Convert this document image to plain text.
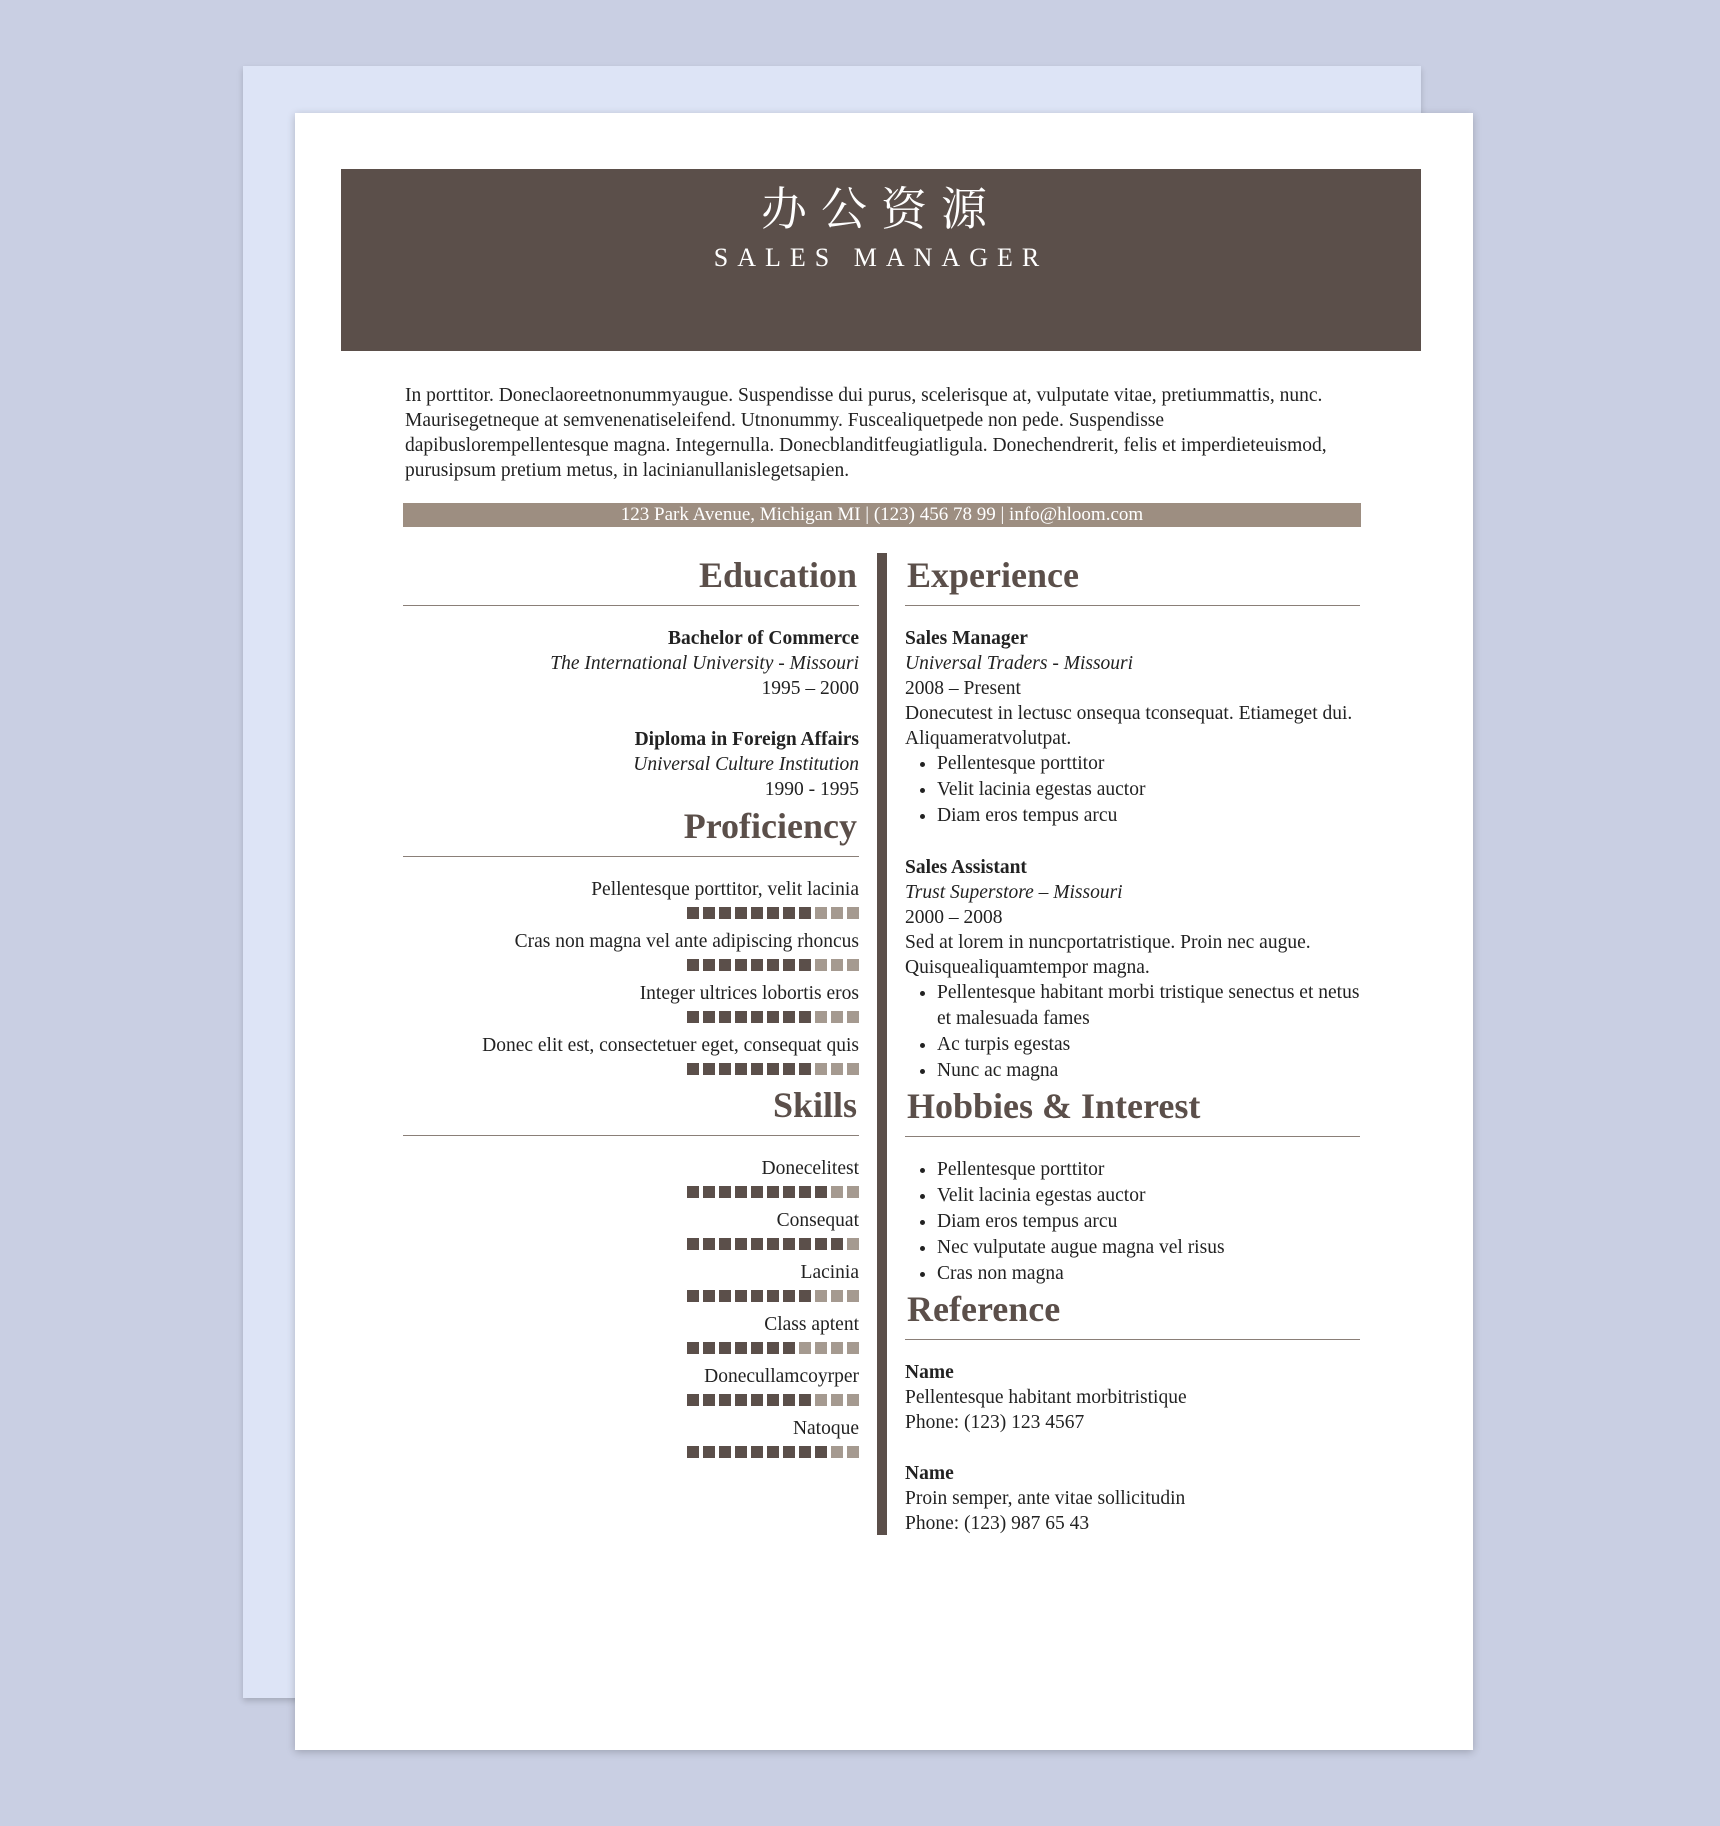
办公资源
SALES MANAGER
In porttitor. Doneclaoreetnonummyaugue. Suspendisse dui purus, scelerisque at, vulputate vitae, pretiummattis, nunc. Maurisegetneque at semvenenatiseleifend. Utnonummy. Fuscealiquetpede non pede. Suspendisse dapibuslorempellentesque magna. Integernulla. Donecblanditfeugiatligula. Donechendrerit, felis et imperdieteuismod, purusipsum pretium metus, in lacinianullanislegetsapien.
123 Park Avenue, Michigan MI | (123) 456 78 99 | info@hloom.com
Education
Bachelor of Commerce
The International University - Missouri
1995 – 2000
Diploma in Foreign Affairs
Universal Culture Institution
1990 - 1995
Proficiency
Pellentesque porttitor, velit lacinia
Cras non magna vel ante adipiscing rhoncus
Integer ultrices lobortis eros
Donec elit est, consectetuer eget, consequat quis
Skills
Donecelitest
Consequat
Lacinia
Class aptent
Donecullamcoyrper
Natoque
Experience
Sales Manager
Universal Traders - Missouri
2008 – Present
Donecutest in lectusc onsequa tconsequat. Etiameget dui. Aliquameratvolutpat.
• Pellentesque porttitor
• Velit lacinia egestas auctor
• Diam eros tempus arcu
Sales Assistant
Trust Superstore – Missouri
2000 – 2008
Sed at lorem in nuncportatristique. Proin nec augue. Quisquealiquamtempor magna.
• Pellentesque habitant morbi tristique senectus et netus et malesuada fames
• Ac turpis egestas
• Nunc ac magna
Hobbies & Interest
• Pellentesque porttitor
• Velit lacinia egestas auctor
• Diam eros tempus arcu
• Nec vulputate augue magna vel risus
• Cras non magna
Reference
Name
Pellentesque habitant morbitristique
Phone: (123) 123 4567
Name
Proin semper, ante vitae sollicitudin
Phone: (123) 987 65 43
